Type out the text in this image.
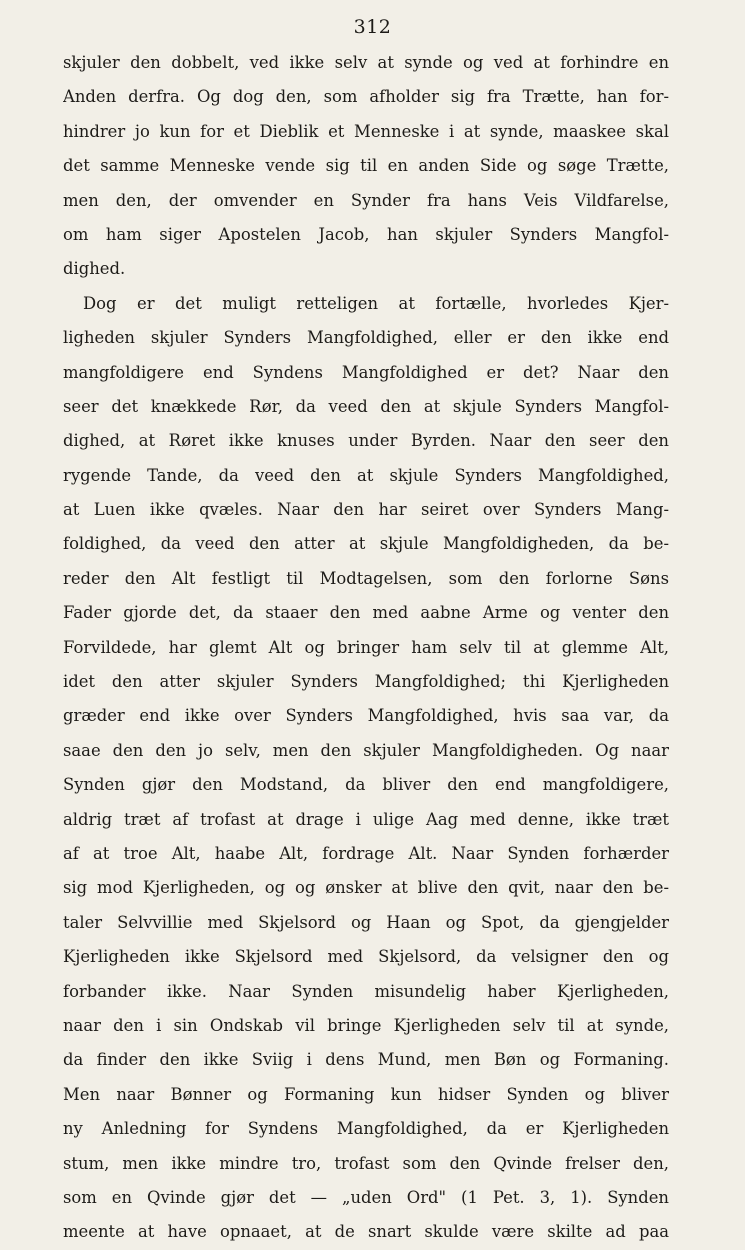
312
skjuler den dobbelt, ved ikke selv at synde og ved at forhindre en
Anden derfra. Og dog den, som afholder sig fra Trætte, han for-
hindrer jo kun for et Dieblik et Menneske i at synde, maaskee skal
det samme Menneske vende sig til en anden Side og søge Trætte,
men den, der omvender en Synder fra hans Veis Vildfarelse,
om ham siger Apostelen Jacob, han skjuler Synders Mangfol-
dighed.
Dog er det muligt retteligen at fortælle, hvorledes Kjer-
ligheden skjuler Synders Mangfoldighed, eller er den ikke end
mangfoldigere end Syndens Mangfoldighed er det? Naar den
seer det knækkede Rør, da veed den at skjule Synders Mangfol-
dighed, at Røret ikke knuses under Byrden. Naar den seer den
rygende Tande, da veed den at skjule Synders Mangfoldighed,
at Luen ikke qvæles. Naar den har seiret over Synders Mang-
foldighed, da veed den atter at skjule Mangfoldigheden, da be-
reder den Alt festligt til Modtagelsen, som den forlorne Søns
Fader gjorde det, da staaer den med aabne Arme og venter den
Forvildede, har glemt Alt og bringer ham selv til at glemme Alt,
idet den atter skjuler Synders Mangfoldighed; thi Kjerligheden
græder end ikke over Synders Mangfoldighed, hvis saa var, da
saae den den jo selv, men den skjuler Mangfoldigheden. Og naar
Synden gjør den Modstand, da bliver den end mangfoldigere,
aldrig træt af trofast at drage i ulige Aag med denne, ikke træt
af at troe Alt, haabe Alt, fordrage Alt. Naar Synden forhærder
sig mod Kjerligheden, og og ønsker at blive den qvit, naar den be-
taler Selvvillie med Skjelsord og Haan og Spot, da gjengjelder
Kjerligheden ikke Skjelsord med Skjelsord, da velsigner den og
forbander ikke. Naar Synden misundelig haber Kjerligheden,
naar den i sin Ondskab vil bringe Kjerligheden selv til at synde,
da finder den ikke Sviig i dens Mund, men Bøn og Formaning.
Men naar Bønner og Formaning kun hidser Synden og bliver
ny Anledning for Syndens Mangfoldighed, da er Kjerligheden
stum, men ikke mindre tro, trofast som den Qvinde frelser den,
som en Qvinde gjør det — „uden Ord" (1 Pet. 3, 1). Synden
meente at have opnaaet, at de snart skulde være skilte ad paa
